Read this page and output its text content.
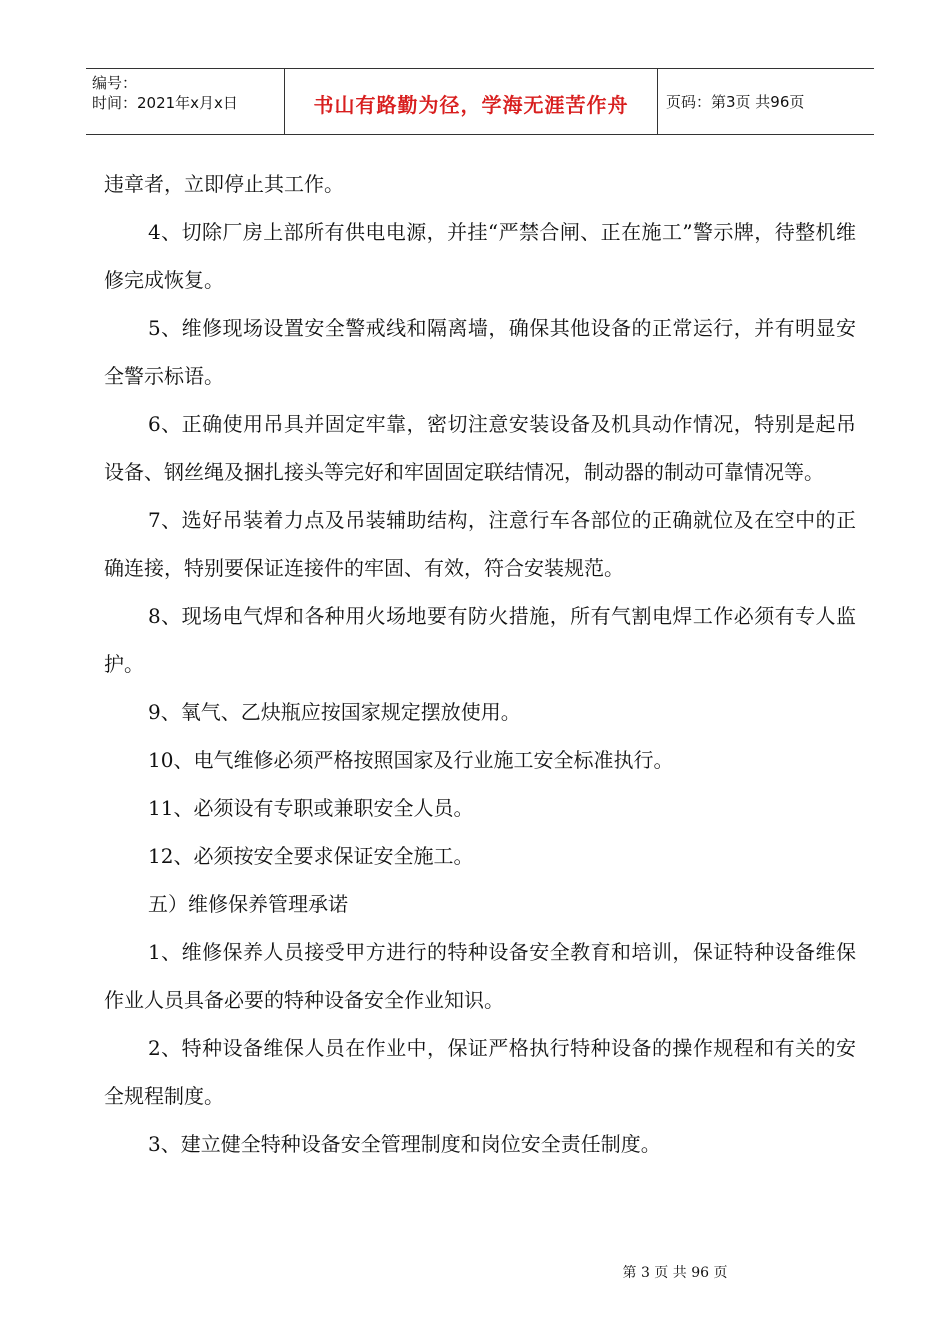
编号：
时间：2021年x月x日	书山有路勤为径，学海无涯苦作舟	页码：第3页 共96页

违章者，立即停止其工作。

4、切除厂房上部所有供电电源，并挂“严禁合闸、正在施工”警示牌，待整机维修完成恢复。

5、维修现场设置安全警戒线和隔离墙，确保其他设备的正常运行，并有明显安全警示标语。

6、正确使用吊具并固定牢靠，密切注意安装设备及机具动作情况，特别是起吊设备、钢丝绳及捆扎接头等完好和牢固固定联结情况，制动器的制动可靠情况等。

7、选好吊装着力点及吊装辅助结构，注意行车各部位的正确就位及在空中的正确连接，特别要保证连接件的牢固、有效，符合安装规范。

8、现场电气焊和各种用火场地要有防火措施，所有气割电焊工作必须有专人监护。

9、氧气、乙炔瓶应按国家规定摆放使用。

10、电气维修必须严格按照国家及行业施工安全标准执行。

11、必须设有专职或兼职安全人员。

12、必须按安全要求保证安全施工。

五）维修保养管理承诺

1、维修保养人员接受甲方进行的特种设备安全教育和培训，保证特种设备维保作业人员具备必要的特种设备安全作业知识。

2、特种设备维保人员在作业中，保证严格执行特种设备的操作规程和有关的安全规程制度。

3、建立健全特种设备安全管理制度和岗位安全责任制度。

第 3 页 共 96 页
